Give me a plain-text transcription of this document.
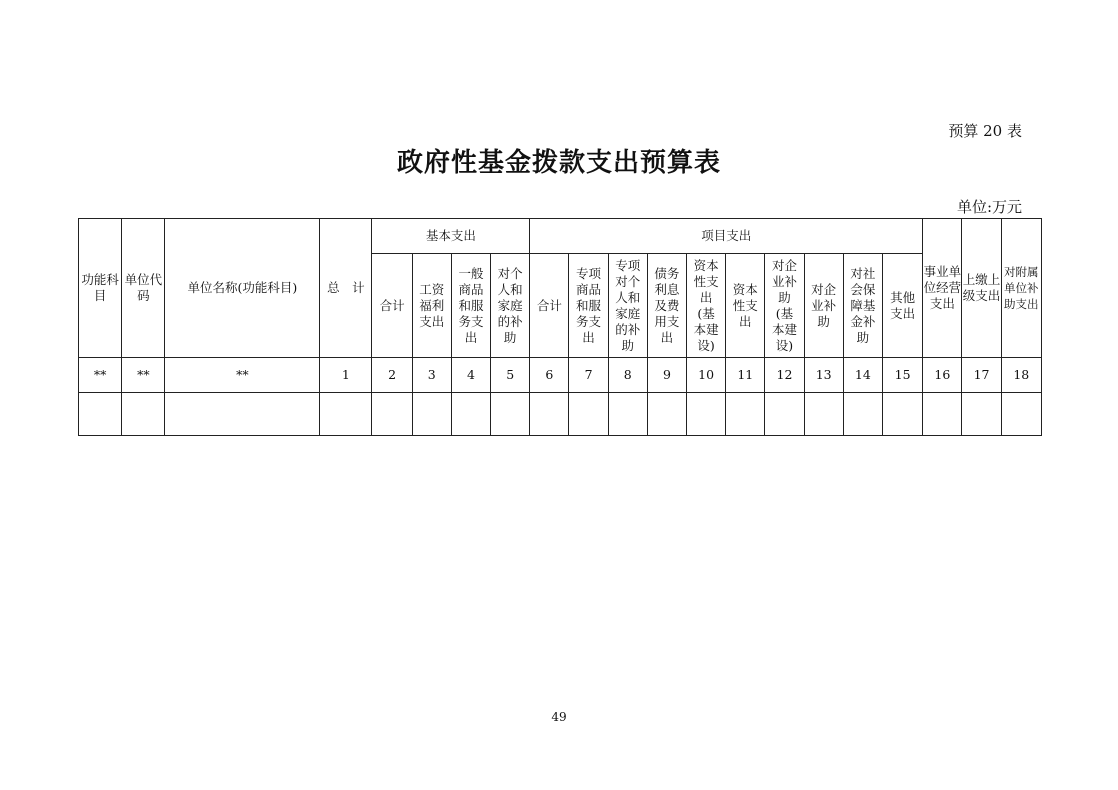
预算 20 表
政府性基金拨款支出预算表
单位:万元
功能科目	单位代码	单位名称(功能科目)	总　计	基本支出				项目支出										事业单位经营支出	上缴上级支出	对附属单位补助支出
				合计	工资福利支出	一般商品和服务支出	对个人和家庭的补助	合计	专项商品和服务支出	专项对个人和家庭的补助	债务利息及费用支出	资本性支出(基本建设)	资本性支出	对企业补助(基本建设)	对企业补助	对社会保障基金补助	其他支出			
**	**	**	1	2	3	4	5	6	7	8	9	10	11	12	13	14	15	16	17	18

49
